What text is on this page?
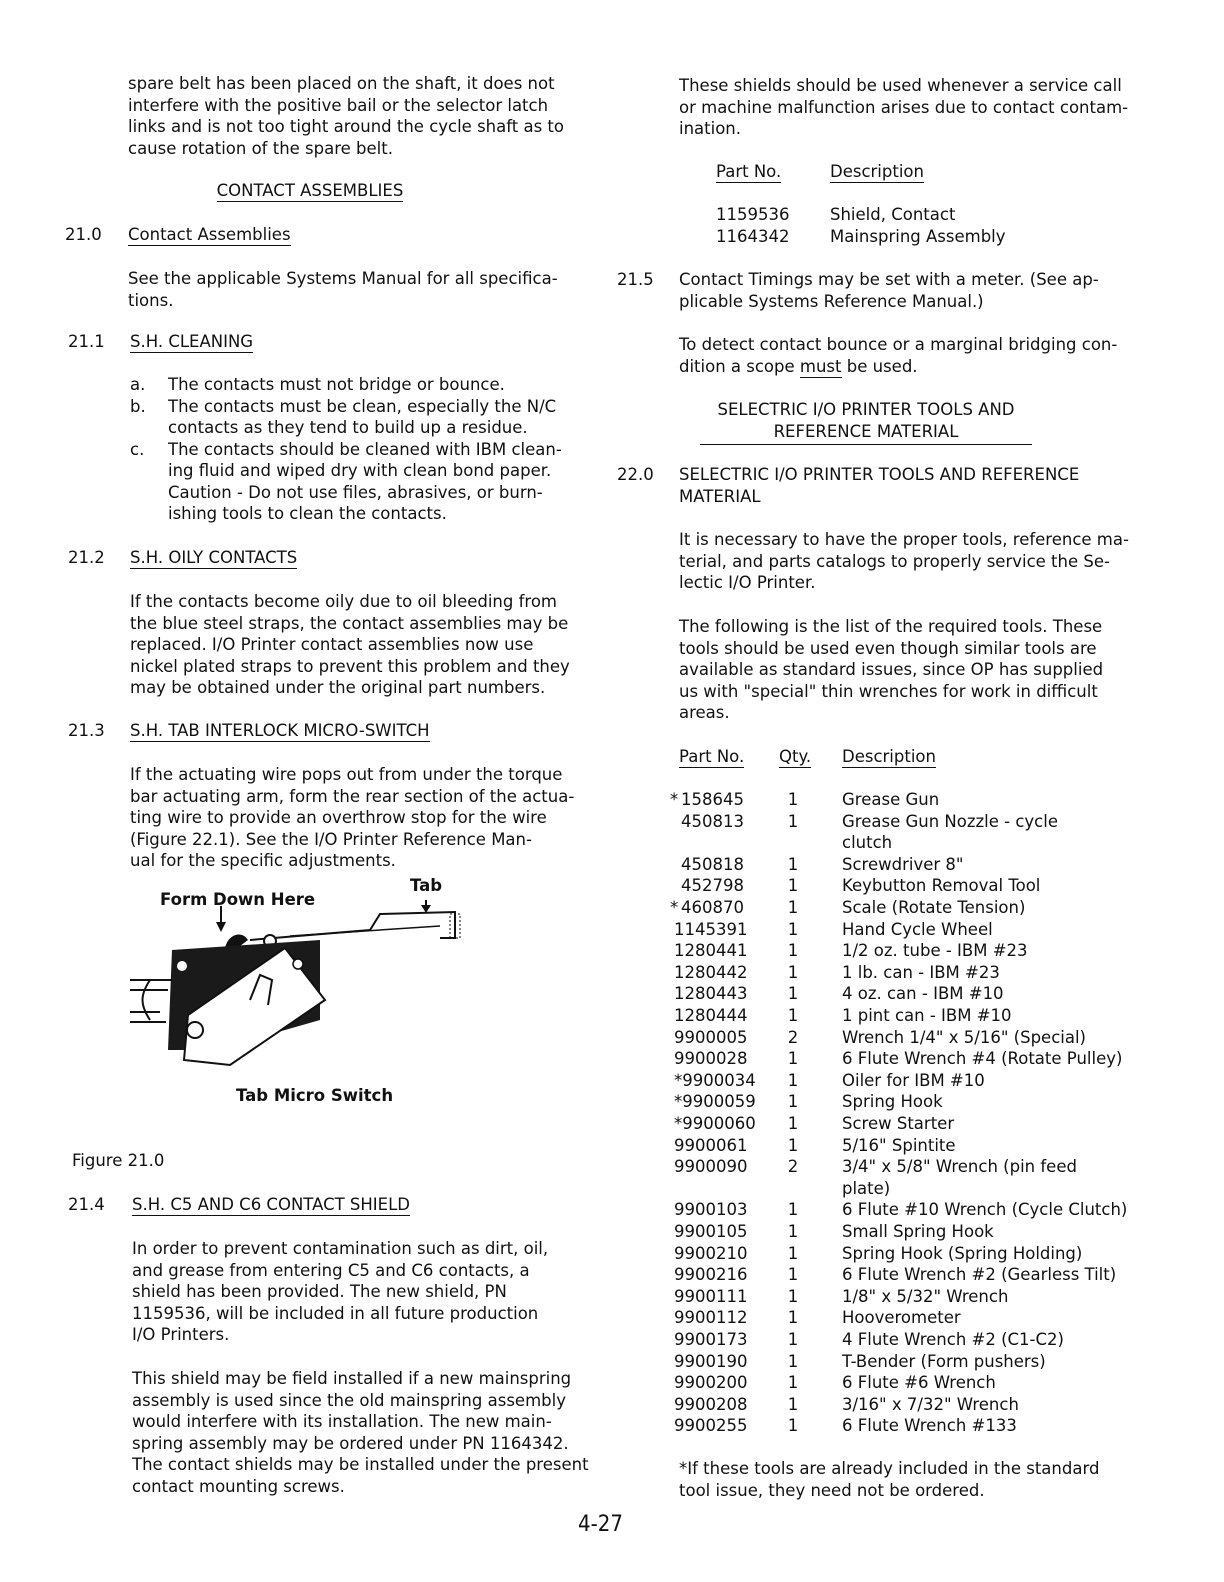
spare belt has been placed on the shaft, it does not
interfere with the positive bail or the selector latch
links and is not too tight around the cycle shaft as to
cause rotation of the spare belt.
CONTACT ASSEMBLIES
21.0 Contact Assemblies
See the applicable Systems Manual for all specifica-
tions.
21.1 S.H. CLEANING
a. The contacts must not bridge or bounce.
b. The contacts must be clean, especially the N/C
contacts as they tend to build up a residue.
c. The contacts should be cleaned with IBM clean-
ing fluid and wiped dry with clean bond paper.
Caution - Do not use files, abrasives, or burn-
ishing tools to clean the contacts.
21.2 S.H. OILY CONTACTS
If the contacts become oily due to oil bleeding from
the blue steel straps, the contact assemblies may be
replaced. I/O Printer contact assemblies now use
nickel plated straps to prevent this problem and they
may be obtained under the original part numbers.
21.3 S.H. TAB INTERLOCK MICRO-SWITCH
If the actuating wire pops out from under the torque
bar actuating arm, form the rear section of the actua-
ting wire to provide an overthrow stop for the wire
(Figure 22.1). See the I/O Printer Reference Man-
ual for the specific adjustments.
Form Down Here
Tab
Tab Micro Switch
Figure 21.0
21.4 S.H. C5 AND C6 CONTACT SHIELD
In order to prevent contamination such as dirt, oil,
and grease from entering C5 and C6 contacts, a
shield has been provided. The new shield, PN
1159536, will be included in all future production
I/O Printers.
This shield may be field installed if a new mainspring
assembly is used since the old mainspring assembly
would interfere with its installation. The new main-
spring assembly may be ordered under PN 1164342.
The contact shields may be installed under the present
contact mounting screws.
These shields should be used whenever a service call
or machine malfunction arises due to contact contam-
ination.
Part No.	Description
1159536 Shield, Contact
1164342 Mainspring Assembly
21.5 Contact Timings may be set with a meter. (See ap-
plicable Systems Reference Manual.)
To detect contact bounce or a marginal bridging con-
dition a scope must be used.
SELECTRIC I/O PRINTER TOOLS AND
REFERENCE MATERIAL
22.0 SELECTRIC I/O PRINTER TOOLS AND REFERENCE
MATERIAL
It is necessary to have the proper tools, reference ma-
terial, and parts catalogs to properly service the Se-
lectic I/O Printer.
The following is the list of the required tools. These
tools should be used even though similar tools are
available as standard issues, since OP has supplied
us with "special" thin wrenches for work in difficult
areas.
Part No. Qty. Description
* 158645	1	Grease Gun
450813	1	Grease Gun Nozzle - cycle
clutch
450818	1	Screwdriver 8"
452798	1	Keybutton Removal Tool
* 460870	1	Scale (Rotate Tension)
1145391 1	Hand Cycle Wheel
1280441 1	1/2 oz. tube - IBM #23
1280442 1	1 lb. can - IBM #23
1280443 1	4 oz. can - IBM #10
1280444 1	1 pint can - IBM #10
9900005 2	Wrench 1/4" x 5/16" (Special)
9900028 1	6 Flute Wrench #4 (Rotate Pulley)
*9900034 1	Oiler for IBM #10
*9900059 1	Spring Hook
*9900060 1	Screw Starter
9900061 1	5/16" Spintite
9900090 2	3/4" x 5/8" Wrench (pin feed
plate)
9900103 1	6 Flute #10 Wrench (Cycle Clutch)
9900105 1	Small Spring Hook
9900210 1	Spring Hook (Spring Holding)
9900216 1	6 Flute Wrench #2 (Gearless Tilt)
9900111 1	1/8" x 5/32" Wrench
9900112 1	Hooverometer
9900173 1	4 Flute Wrench #2 (C1-C2)
9900190 1	T-Bender (Form pushers)
9900200 1	6 Flute #6 Wrench
9900208 1	3/16" x 7/32" Wrench
9900255 1	6 Flute Wrench #133
*If these tools are already included in the standard
tool issue, they need not be ordered.
4-27
